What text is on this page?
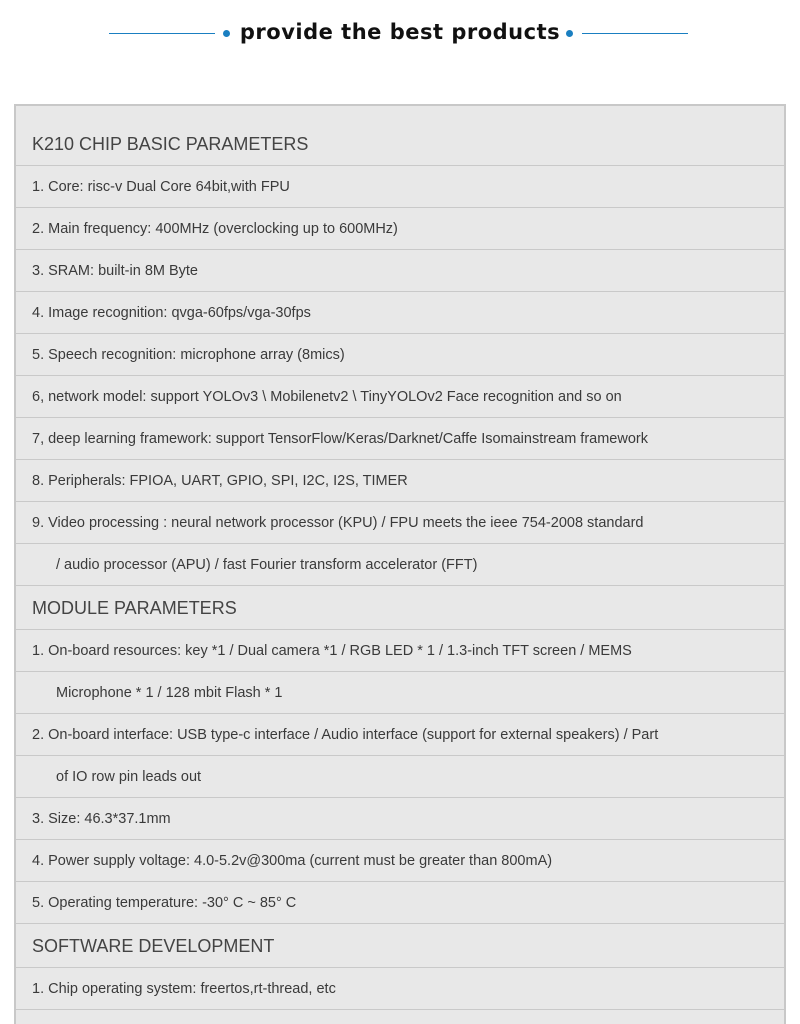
provide the best products
K210 CHIP BASIC PARAMETERS
1. Core: risc-v Dual Core 64bit,with FPU
2. Main frequency: 400MHz (overclocking up to 600MHz)
3. SRAM: built-in 8M Byte
4. Image recognition: qvga-60fps/vga-30fps
5. Speech recognition: microphone array (8mics)
6, network model: support YOLOv3 \ Mobilenetv2 \ TinyYOLOv2 Face recognition and so on
7, deep learning framework: support TensorFlow/Keras/Darknet/Caffe Isomainstream framework
8. Peripherals: FPIOA, UART, GPIO, SPI, I2C, I2S, TIMER
9. Video processing : neural network processor (KPU) / FPU meets the ieee 754-2008 standard
/ audio processor (APU) / fast Fourier transform accelerator (FFT)
MODULE PARAMETERS
1. On-board resources: key *1 / Dual camera *1 / RGB LED * 1 / 1.3-inch TFT screen / MEMS
Microphone * 1 / 128 mbit Flash * 1
2. On-board interface: USB type-c interface / Audio interface (support for external speakers) / Part
of IO row pin leads out
3. Size: 46.3*37.1mm
4. Power supply voltage: 4.0-5.2v@300ma (current must be greater than 800mA)
5. Operating temperature: -30° C ~ 85° C
SOFTWARE DEVELOPMENT
1. Chip operating system: freertos,rt-thread, etc
